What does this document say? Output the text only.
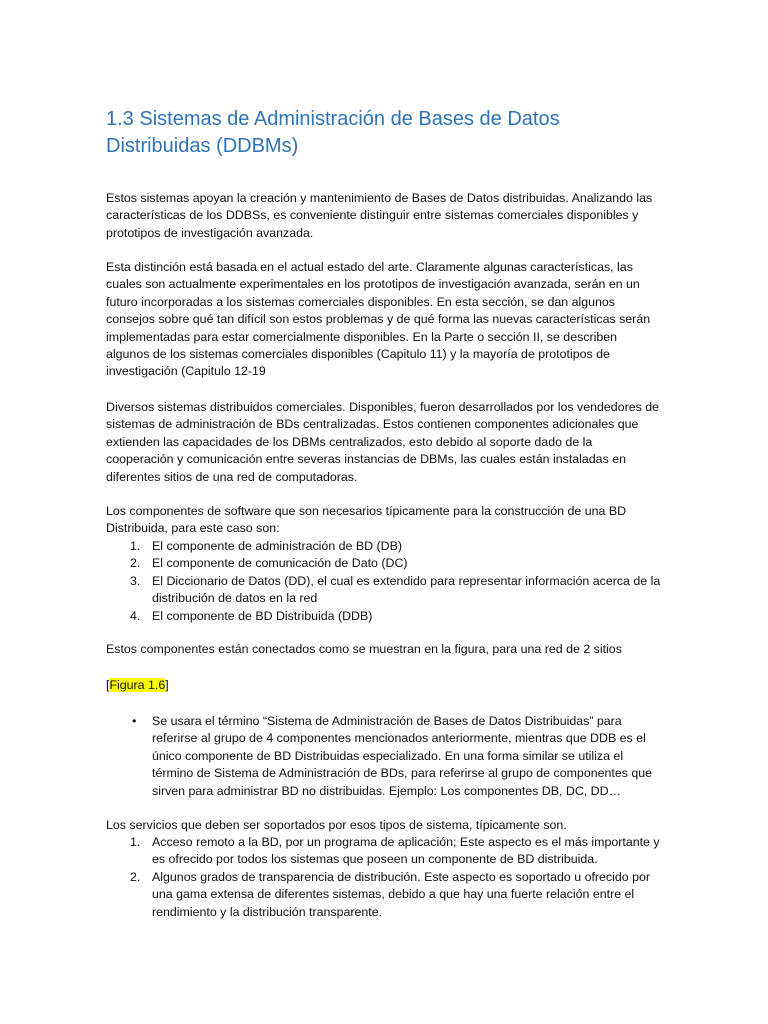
1.3 Sistemas de Administración de Bases de Datos Distribuidas (DDBMs)

Estos sistemas apoyan la creación y mantenimiento de Bases de Datos distribuidas. Analizando las características de los DDBSs, es conveniente distinguir entre sistemas comerciales disponibles y prototipos de investigación avanzada.

Esta distinción está basada en el actual estado del arte. Claramente algunas características, las cuales son actualmente experimentales en los prototipos de investigación avanzada, serán en un futuro incorporadas a los sistemas comerciales disponibles. En esta sección, se dan algunos consejos sobre qué tan difícil son estos problemas y de qué forma las nuevas características serán implementadas para estar comercialmente disponibles. En la Parte o sección II, se describen algunos de los sistemas comerciales disponibles (Capitulo 11) y la mayoría de prototipos de investigación (Capitulo 12-19

Diversos sistemas distribuidos comerciales. Disponibles, fueron desarrollados por los vendedores de sistemas de administración de BDs centralizadas. Estos contienen componentes adicionales que extienden las capacidades de los DBMs centralizados, esto debido al soporte dado de la cooperación y comunicación entre severas instancias de DBMs, las cuales están instaladas en diferentes sitios de una red de computadoras.

Los componentes de software que son necesarios típicamente para la construcción de una BD Distribuida, para este caso son:

1. El componente de administración de BD (DB)
2. El componente de comunicación de Dato (DC)
3. El Diccionario de Datos (DD), el cual es extendido para representar información acerca de la distribución de datos en la red
4. El componente de BD Distribuida (DDB)

Estos componentes están conectados como se muestran en la figura, para una red de 2 sitios

[Figura 1.6]

• Se usara el término “Sistema de Administración de Bases de Datos Distribuidas” para referirse al grupo de 4 componentes mencionados anteriormente, mientras que DDB es el único componente de BD Distribuidas especializado. En una forma similar se utiliza el término de Sistema de Administración de BDs, para referirse al grupo de componentes que sirven para administrar BD no distribuidas. Ejemplo: Los componentes DB, DC, DD…

Los servicios que deben ser soportados por esos tipos de sistema, típicamente son.

1. Acceso remoto a la BD, por un programa de aplicación; Este aspecto es el más importante y es ofrecido por todos los sistemas que poseen un componente de BD distribuida.
2. Algunos grados de transparencia de distribución. Este aspecto es soportado u ofrecido por una gama extensa de diferentes sistemas, debido a que hay una fuerte relación entre el rendimiento y la distribución transparente.
